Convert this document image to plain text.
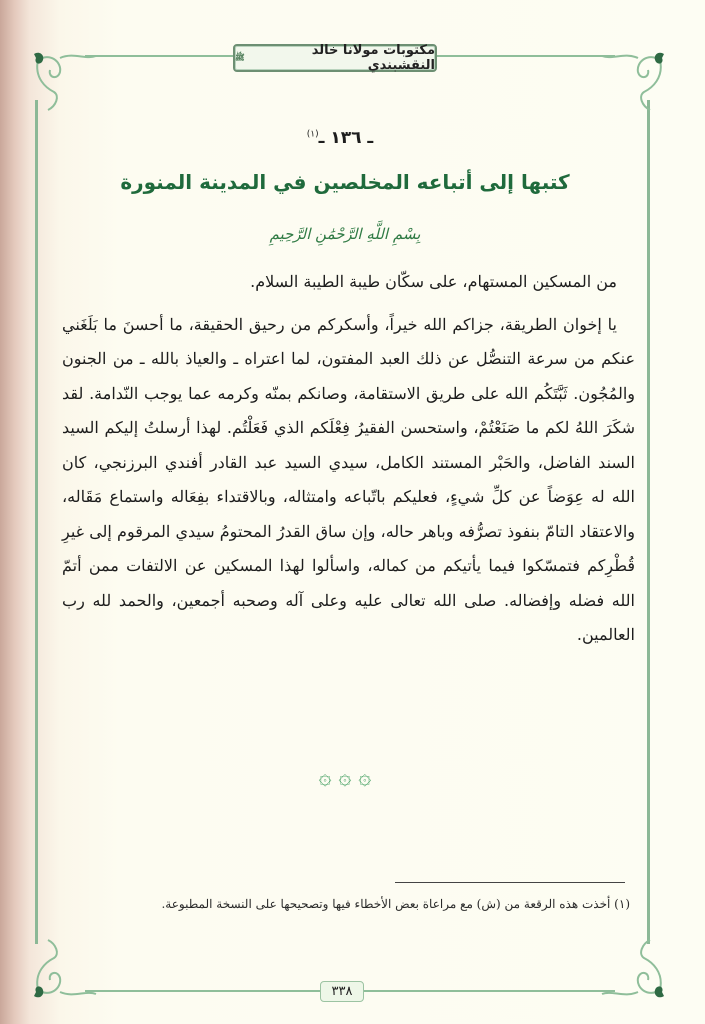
مكتوبات مولانا خالد النقشبندي
ﷺ
ـ ١٣٦ ـ$^{(١)}$
كتبها إلى أتباعه المخلصين في المدينة المنورة
بِسْمِ اللَّهِ الرَّحْمَٰنِ الرَّحِيمِ

من المسكين المستهام، على سكّان طيبة الطيبة السلام.

يا إخوان الطريقة، جزاكم الله خيراً، وأسكركم من رحيق الحقيقة، ما أحسنَ ما بَلَغَني عنكم من سرعة التنصُّل عن ذلك العبد المفتون، لما اعتراه ـ والعياذ بالله ـ من الجنون والمُجُون. ثَبَّتَكُم الله على طريق الاستقامة، وصانكم بمنّه وكرمه عما يوجب النّدامة. لقد شكَرَ اللهُ لكم ما صَنَعْتُمْ، واستحسن الفقيرُ فِعْلَكم الذي فَعَلْتُم. لهذا أرسلتُ إليكم السيد السند الفاضل، والحَبْر المستند الكامل، سيدي السيد عبد القادر أفندي البرزنجي، كان الله له عِوَضاً عن كلِّ شيءٍ، فعليكم باتّباعه وامتثاله، وبالاقتداء بفِعَاله واستماع مَقَاله، والاعتقاد التامّ بنفوذ تصرُّفه وباهر حاله، وإن ساق القدرُ المحتومُ سيدي المرقوم إلى غيرِ قُطْرِكم فتمسّكوا فيما يأتيكم من كماله، واسألوا لهذا المسكين عن الالتفات ممن أتمّ الله فضله وإفضاله. صلى الله تعالى عليه وعلى آله وصحبه أجمعين، والحمد لله رب العالمين.

۞ ۞ ۞
(١) أخذت هذه الرقعة من (ش) مع مراعاة بعض الأخطاء فيها وتصحيحها على النسخة المطبوعة.
٣٣٨
